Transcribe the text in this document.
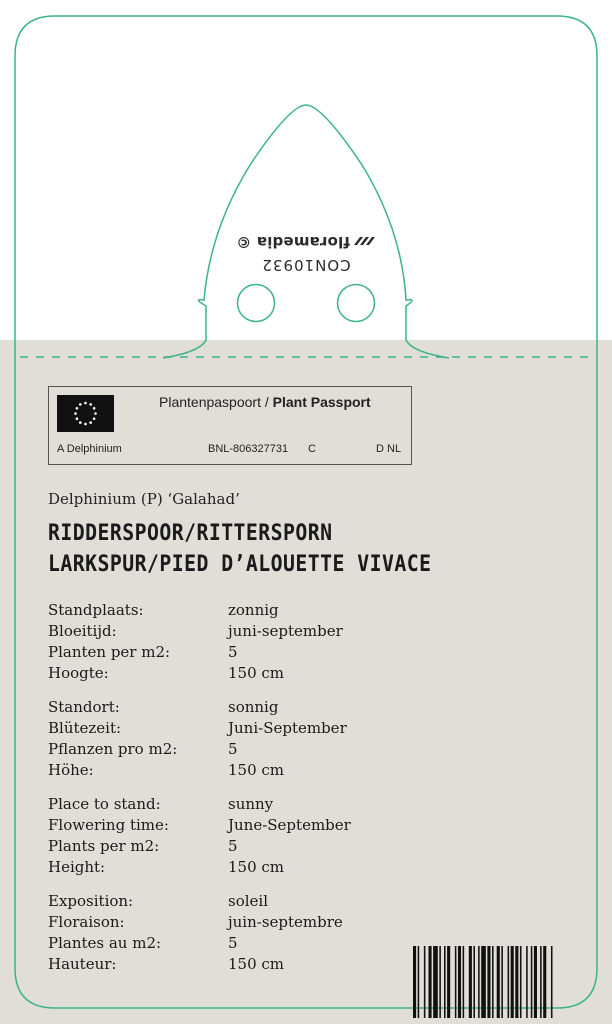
floramedia ©
CON10932
Plantenpaspoort / Plant Passport
A Delphinium	BNL-806327731 C	D NL
Delphinium (P) ‘Galahad’
RIDDERSPOOR/RITTERSPORN
LARKSPUR/PIED D’ALOUETTE VIVACE
Standplaats:	zonnig
Bloeitijd:	juni-september
Planten per m2:	5
Hoogte:	150 cm
Standort:	sonnig
Blütezeit:	Juni-September
Pflanzen pro m2:	5
Höhe:	150 cm
Place to stand:	sunny
Flowering time:	June-September
Plants per m2:	5
Height:	150 cm
Exposition:	soleil
Floraison:	juin-septembre
Plantes au m2:	5
Hauteur:	150 cm
